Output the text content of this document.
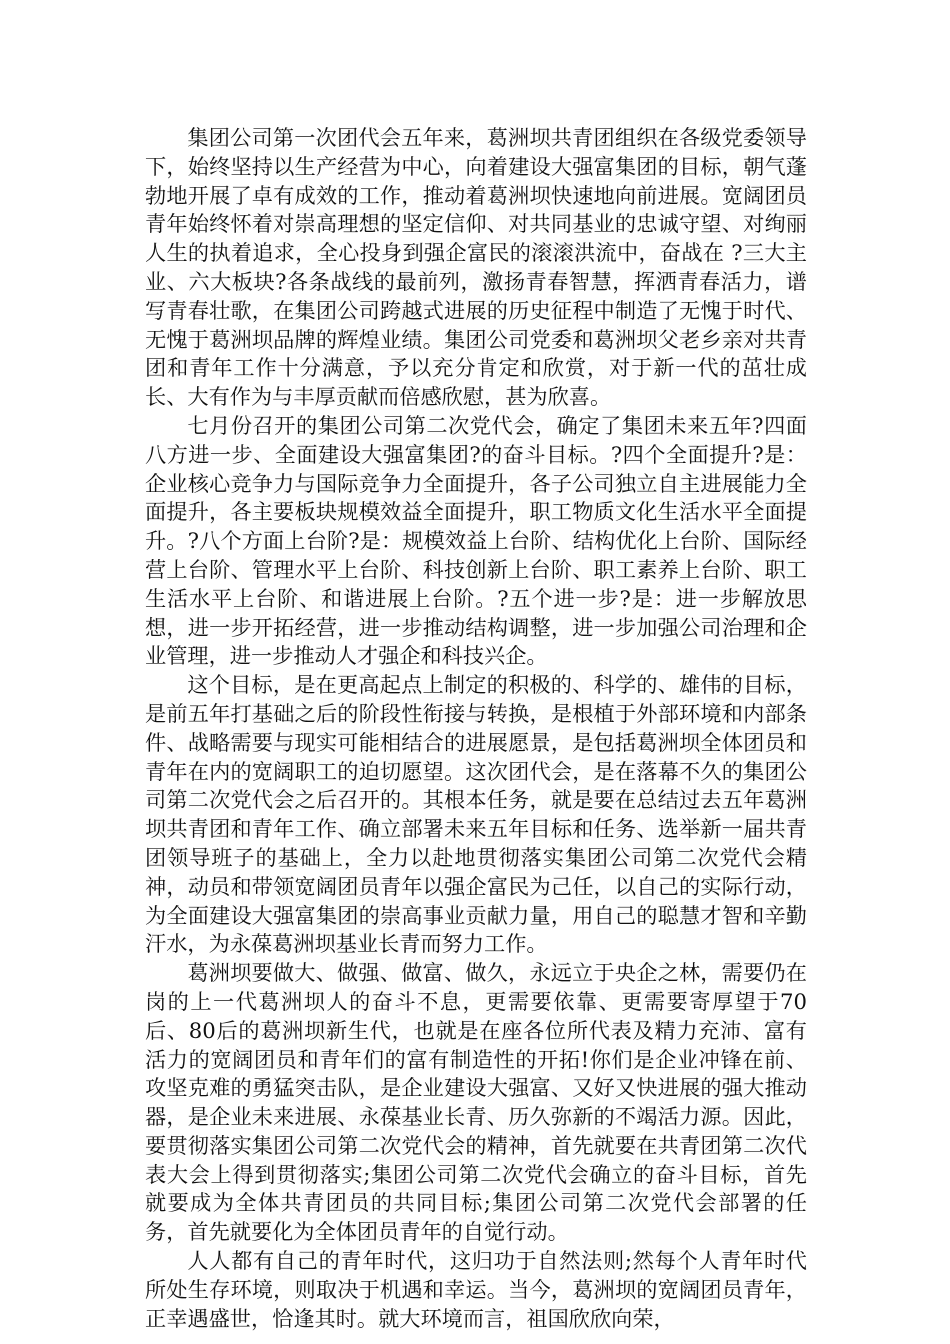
集团公司第一次团代会五年来，葛洲坝共青团组织在各级党委领导下，始终坚持以生产经营为中心，向着建设大强富集团的目标，朝气蓬勃地开展了卓有成效的工作，推动着葛洲坝快速地向前进展。宽阔团员青年始终怀着对崇高理想的坚定信仰、对共同基业的忠诚守望、对绚丽人生的执着追求，全心投身到强企富民的滚滚洪流中，奋战在 ?三大主业、六大板块?各条战线的最前列，激扬青春智慧，挥洒青春活力，谱写青春壮歌，在集团公司跨越式进展的历史征程中制造了无愧于时代、无愧于葛洲坝品牌的辉煌业绩。集团公司党委和葛洲坝父老乡亲对共青团和青年工作十分满意，予以充分肯定和欣赏，对于新一代的茁壮成长、大有作为与丰厚贡献而倍感欣慰，甚为欣喜。

七月份召开的集团公司第二次党代会，确定了集团未来五年?四面八方进一步、全面建设大强富集团?的奋斗目标。?四个全面提升?是：企业核心竞争力与国际竞争力全面提升，各子公司独立自主进展能力全面提升，各主要板块规模效益全面提升，职工物质文化生活水平全面提升。?八个方面上台阶?是：规模效益上台阶、结构优化上台阶、国际经营上台阶、管理水平上台阶、科技创新上台阶、职工素养上台阶、职工生活水平上台阶、和谐进展上台阶。?五个进一步?是：进一步解放思想，进一步开拓经营，进一步推动结构调整，进一步加强公司治理和企业管理，进一步推动人才强企和科技兴企。

这个目标，是在更高起点上制定的积极的、科学的、雄伟的目标，是前五年打基础之后的阶段性衔接与转换，是根植于外部环境和内部条件、战略需要与现实可能相结合的进展愿景，是包括葛洲坝全体团员和青年在内的宽阔职工的迫切愿望。这次团代会，是在落幕不久的集团公司第二次党代会之后召开的。其根本任务，就是要在总结过去五年葛洲坝共青团和青年工作、确立部署未来五年目标和任务、选举新一届共青团领导班子的基础上，全力以赴地贯彻落实集团公司第二次党代会精神，动员和带领宽阔团员青年以强企富民为己任，以自己的实际行动，为全面建设大强富集团的崇高事业贡献力量，用自己的聪慧才智和辛勤汗水，为永葆葛洲坝基业长青而努力工作。

葛洲坝要做大、做强、做富、做久，永远立于央企之林，需要仍在岗的上一代葛洲坝人的奋斗不息，更需要依靠、更需要寄厚望于70后、80后的葛洲坝新生代，也就是在座各位所代表及精力充沛、富有活力的宽阔团员和青年们的富有制造性的开拓!你们是企业冲锋在前、攻坚克难的勇猛突击队，是企业建设大强富、又好又快进展的强大推动器，是企业未来进展、永葆基业长青、历久弥新的不竭活力源。因此，要贯彻落实集团公司第二次党代会的精神，首先就要在共青团第二次代表大会上得到贯彻落实;集团公司第二次党代会确立的奋斗目标，首先就要成为全体共青团员的共同目标;集团公司第二次党代会部署的任务，首先就要化为全体团员青年的自觉行动。

人人都有自己的青年时代，这归功于自然法则;然每个人青年时代所处生存环境，则取决于机遇和幸运。当今，葛洲坝的宽阔团员青年，正幸遇盛世，恰逢其时。就大环境而言，祖国欣欣向荣，
